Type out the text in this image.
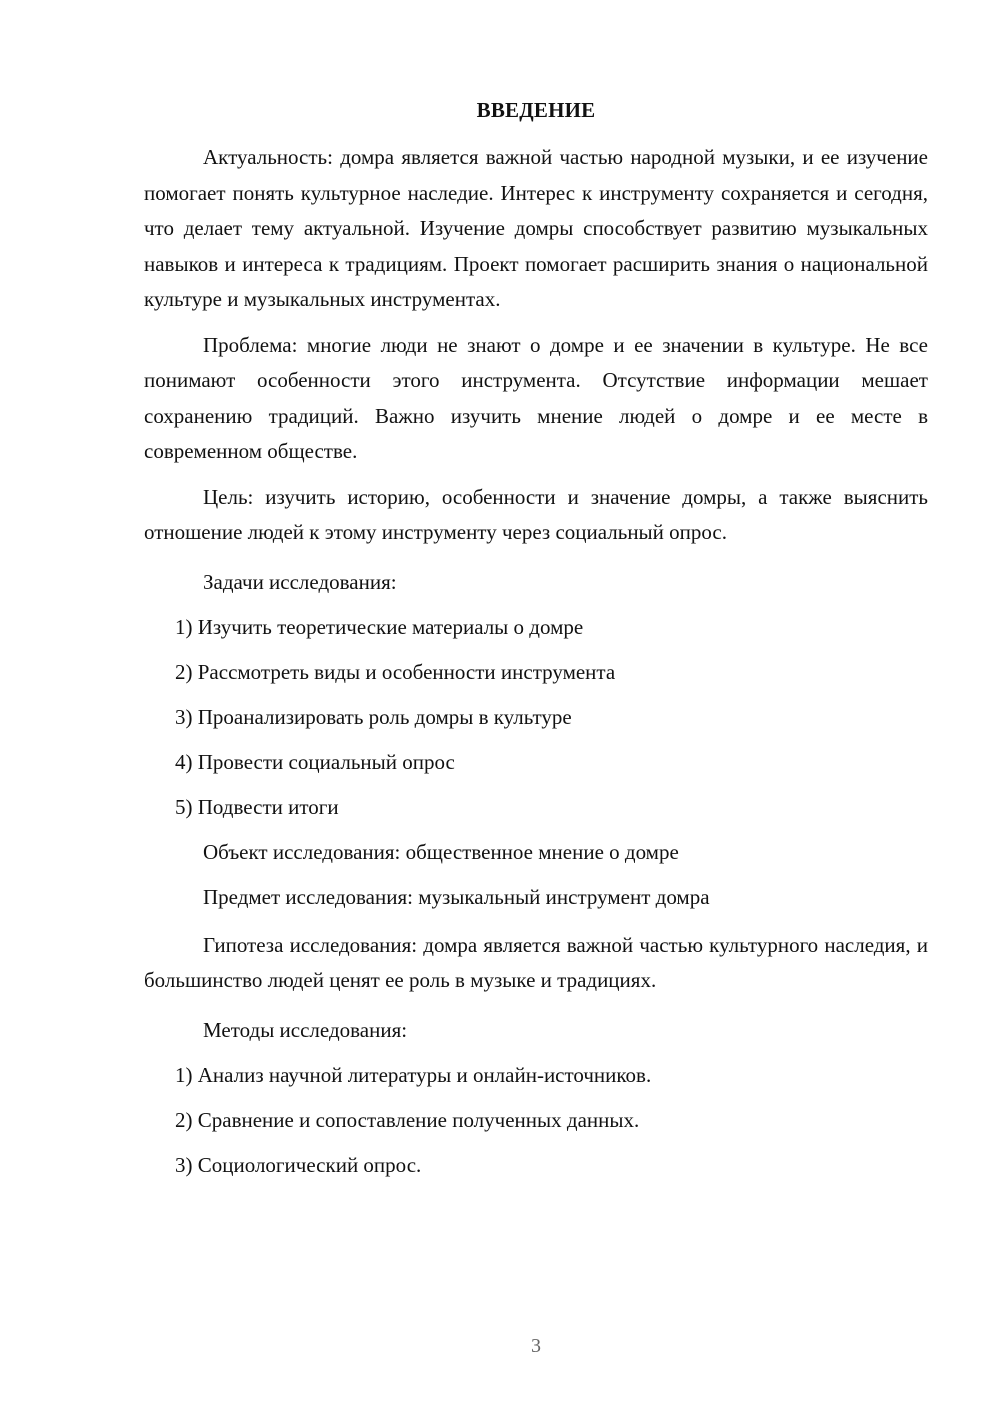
ВВЕДЕНИЕ

Актуальность: домра является важной частью народной музыки, и ее изучение помогает понять культурное наследие. Интерес к инструменту сохраняется и сегодня, что делает тему актуальной. Изучение домры способствует развитию музыкальных навыков и интереса к традициям. Проект помогает расширить знания о национальной культуре и музыкальных инструментах.

Проблема: многие люди не знают о домре и ее значении в культуре. Не все понимают особенности этого инструмента. Отсутствие информации мешает сохранению традиций. Важно изучить мнение людей о домре и ее месте в современном обществе.

Цель: изучить историю, особенности и значение домры, а также выяснить отношение людей к этому инструменту через социальный опрос.

Задачи исследования:
1) Изучить теоретические материалы о домре
2) Рассмотреть виды и особенности инструмента
3) Проанализировать роль домры в культуре
4) Провести социальный опрос
5) Подвести итоги
Объект исследования: общественное мнение о домре
Предмет исследования: музыкальный инструмент домра

Гипотеза исследования: домра является важной частью культурного наследия, и большинство людей ценят ее роль в музыке и традициях.

Методы исследования:
1) Анализ научной литературы и онлайн-источников.
2) Сравнение и сопоставление полученных данных.
3) Социологический опрос.
3
